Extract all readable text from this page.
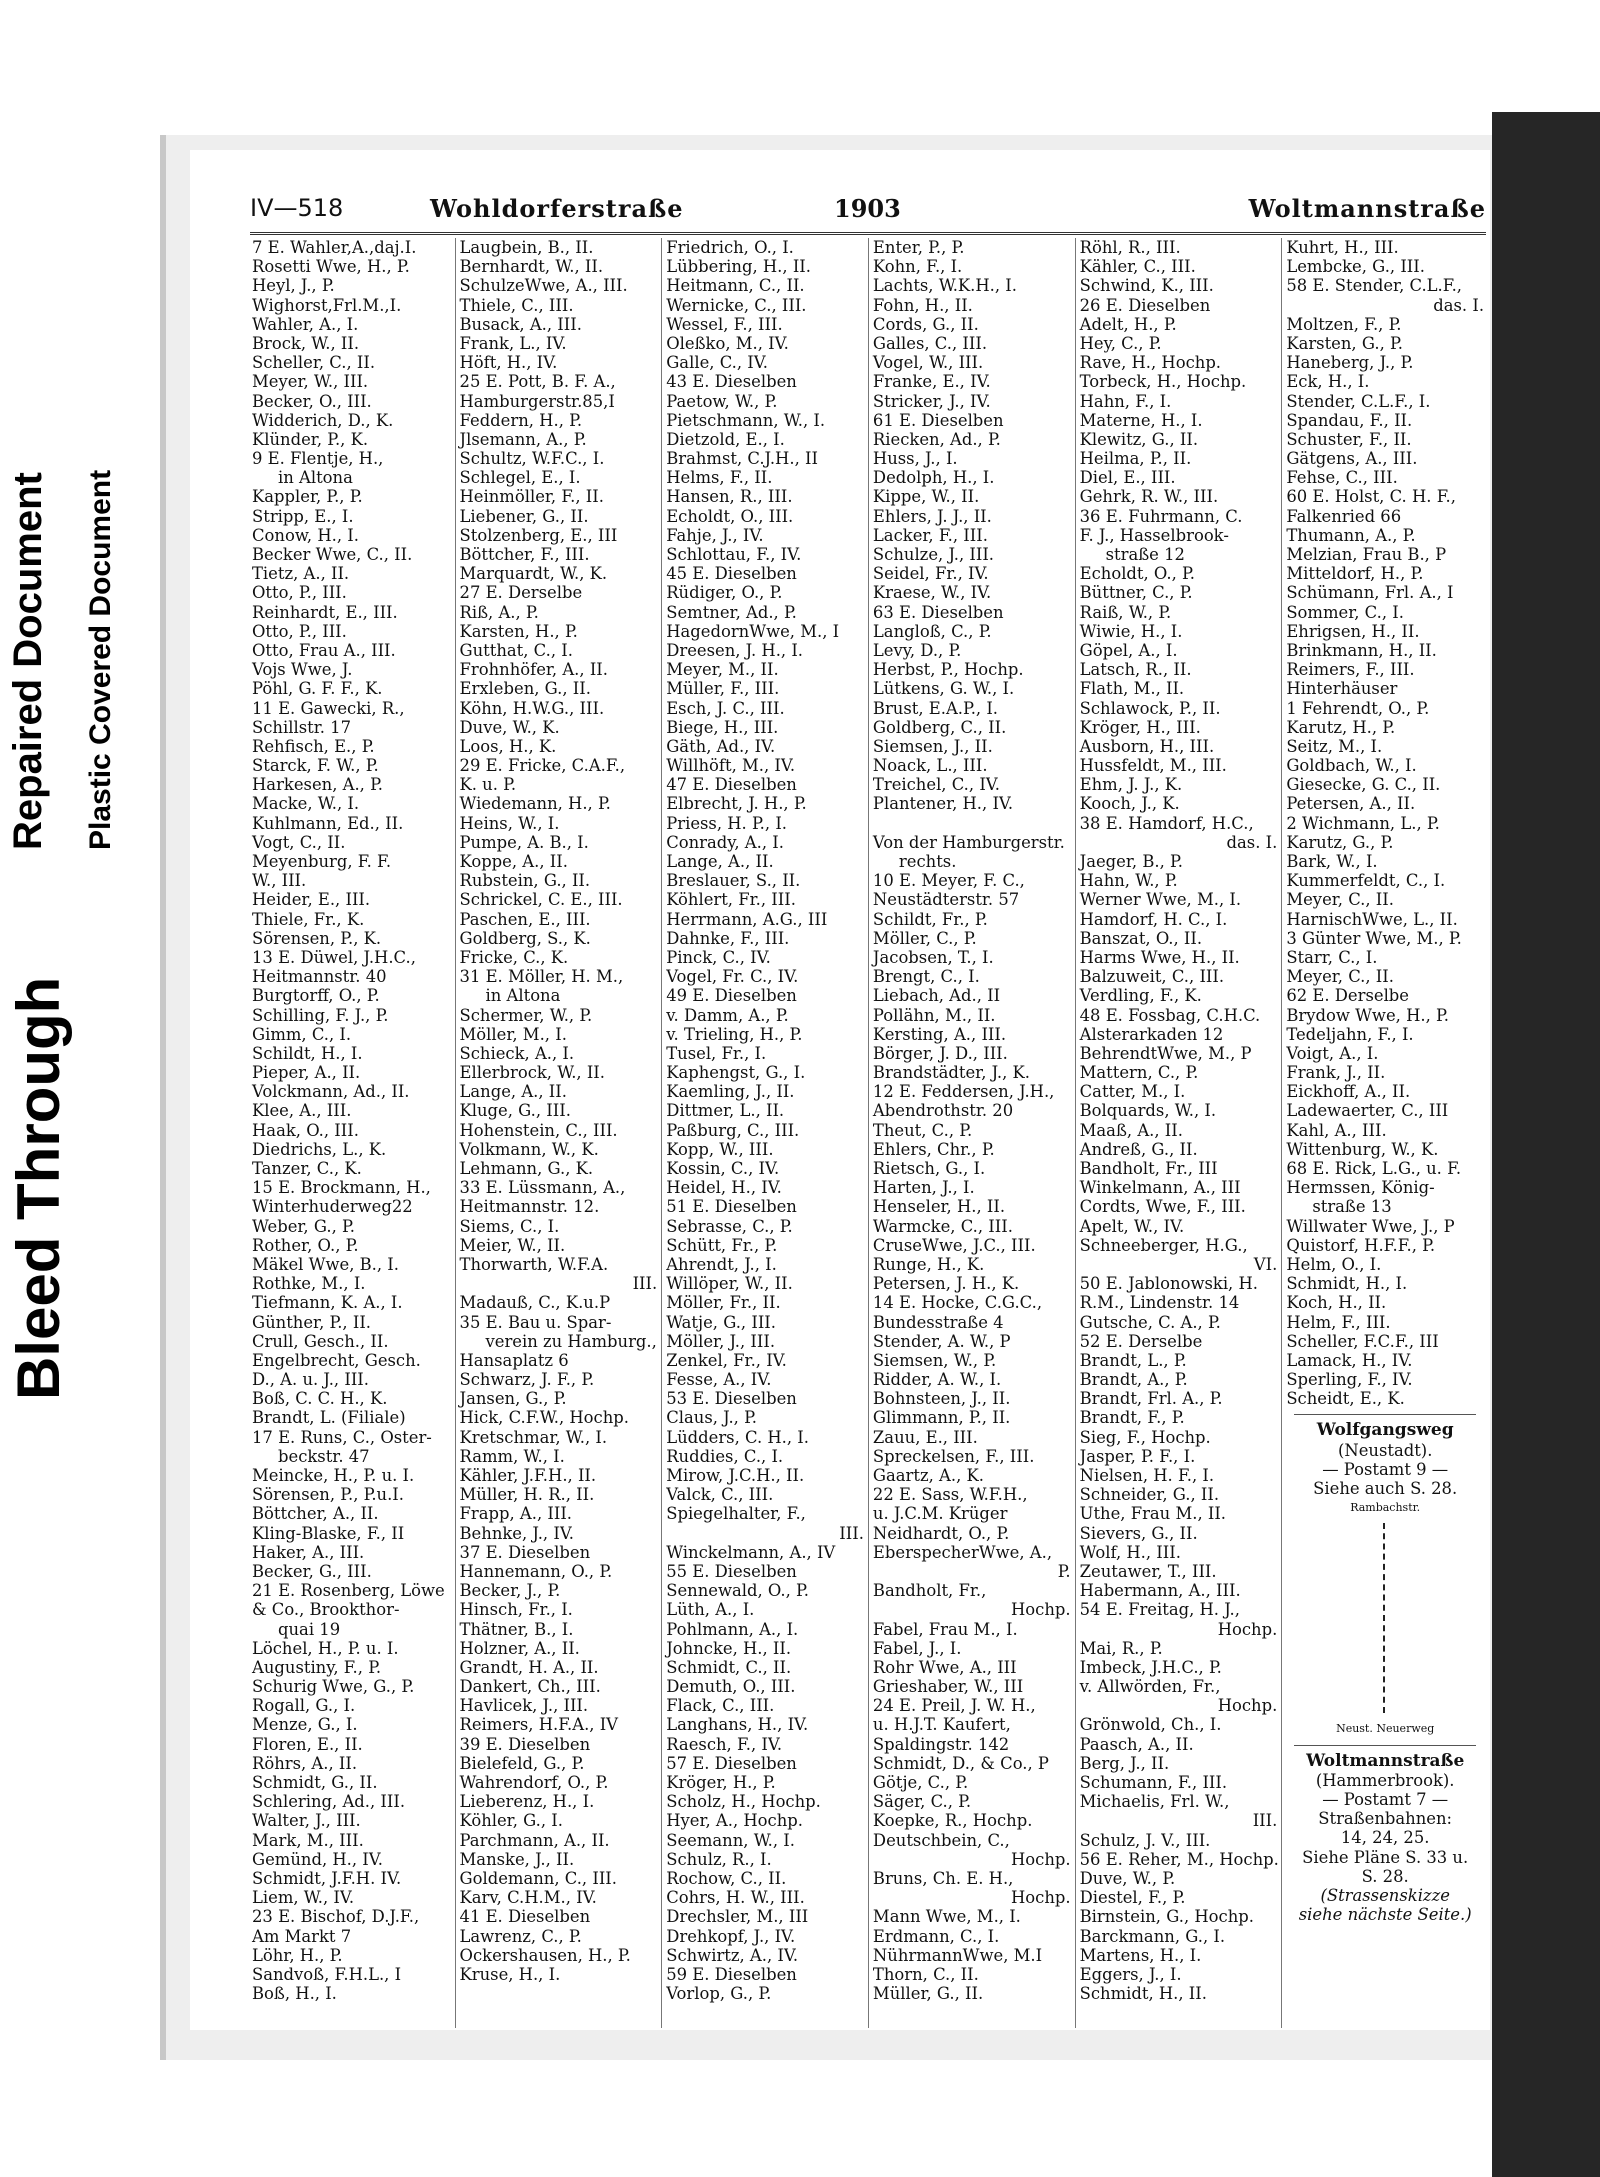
Bleed Through
Repaired Document Plastic Covered Document
IV—518	Wohldorferstraße	1903	Woltmannstraße
7 E. Wahler,A.,daj.I.
Rosetti Wwe, H., P.
Heyl, J., P.
Wighorst,Frl.M.,I.
Wahler, A., I.
Brock, W., II.
Scheller, C., II.
Meyer, W., III.
Becker, O., III.
Widderich, D., K.
Klünder, P., K.
9 E. Flentje, H.,
in Altona
Kappler, P., P.
Stripp, E., I.
Conow, H., I.
Becker Wwe, C., II.
Tietz, A., II.
Otto, P., III.
Reinhardt, E., III.
Otto, P., III.
Otto, Frau A., III.
Vojs Wwe, J.
Pöhl, G. F. F., K.
11 E. Gawecki, R.,
Schillstr. 17
Rehfisch, E., P.
Starck, F. W., P.
Harkesen, A., P.
Macke, W., I.
Kuhlmann, Ed., II.
Vogt, C., II.
Meyenburg, F. F.
W., III.
Heider, E., III.
Thiele, Fr., K.
Sörensen, P., K.
13 E. Düwel, J.H.C.,
Heitmannstr. 40
Burgtorff, O., P.
Schilling, F. J., P.
Gimm, C., I.
Schildt, H., I.
Pieper, A., II.
Volckmann, Ad., II.
Klee, A., III.
Haak, O., III.
Diedrichs, L., K.
Tanzer, C., K.
15 E. Brockmann, H.,
Winterhuderweg22
Weber, G., P.
Rother, O., P.
Mäkel Wwe, B., I.
Rothke, M., I.
Tiefmann, K. A., I.
Günther, P., II.
Crull, Gesch., II.
Engelbrecht, Gesch.
D., A. u. J., III.
Boß, C. C. H., K.
Brandt, L. (Filiale)
17 E. Runs, C., Oster-
beckstr. 47
Meincke, H., P. u. I.
Sörensen, P., P.u.I.
Böttcher, A., II.
Kling-Blaske, F., II
Haker, A., III.
Becker, G., III.
21 E. Rosenberg, Löwe
& Co., Brookthor-
quai 19
Löchel, H., P. u. I.
Augustiny, F., P.
Schurig Wwe, G., P.
Rogall, G., I.
Menze, G., I.
Floren, E., II.
Röhrs, A., II.
Schmidt, G., II.
Schlering, Ad., III.
Walter, J., III.
Mark, M., III.
Gemünd, H., IV.
Schmidt, J.F.H. IV.
Liem, W., IV.
23 E. Bischof, D.J.F.,
Am Markt 7
Löhr, H., P.
Sandvoß, F.H.L., I
Boß, H., I.
Laugbein, B., II.
Bernhardt, W., II.
SchulzeWwe, A., III.
Thiele, C., III.
Busack, A., III.
Frank, L., IV.
Höft, H., IV.
25 E. Pott, B. F. A.,
Hamburgerstr.85,I
Feddern, H., P.
Jlsemann, A., P.
Schultz, W.F.C., I.
Schlegel, E., I.
Heinmöller, F., II.
Liebener, G., II.
Stolzenberg, E., III
Böttcher, F., III.
Marquardt, W., K.
27 E. Derselbe
Riß, A., P.
Karsten, H., P.
Gutthat, C., I.
Frohnhöfer, A., II.
Erxleben, G., II.
Köhn, H.W.G., III.
Duve, W., K.
Loos, H., K.
29 E. Fricke, C.A.F.,
K. u. P.
Wiedemann, H., P.
Heins, W., I.
Pumpe, A. B., I.
Koppe, A., II.
Rubstein, G., II.
Schrickel, C. E., III.
Paschen, E., III.
Goldberg, S., K.
Fricke, C., K.
31 E. Möller, H. M.,
in Altona
Schermer, W., P.
Möller, M., I.
Schieck, A., I.
Ellerbrock, W., II.
Lange, A., II.
Kluge, G., III.
Hohenstein, C., III.
Volkmann, W., K.
Lehmann, G., K.
33 E. Lüssmann, A.,
Heitmannstr. 12.
Siems, C., I.
Meier, W., II.
Thorwarth, W.F.A.
III.
Madauß, C., K.u.P
35 E. Bau u. Spar-
verein zu Hamburg.,
Hansaplatz 6
Schwarz, J. F., P.
Jansen, G., P.
Hick, C.F.W., Hochp.
Kretschmar, W., I.
Ramm, W., I.
Kähler, J.F.H., II.
Müller, H. R., II.
Frapp, A., III.
Behnke, J., IV.
37 E. Dieselben
Hannemann, O., P.
Becker, J., P.
Hinsch, Fr., I.
Thätner, B., I.
Holzner, A., II.
Grandt, H. A., II.
Dankert, Ch., III.
Havlicek, J., III.
Reimers, H.F.A., IV
39 E. Dieselben
Bielefeld, G., P.
Wahrendorf, O., P.
Lieberenz, H., I.
Köhler, G., I.
Parchmann, A., II.
Manske, J., II.
Goldemann, C., III.
Karv, C.H.M., IV.
41 E. Dieselben
Lawrenz, C., P.
Ockershausen, H., P.
Kruse, H., I.
Friedrich, O., I.
Lübbering, H., II.
Heitmann, C., II.
Wernicke, C., III.
Wessel, F., III.
Oleßko, M., IV.
Galle, C., IV.
43 E. Dieselben
Paetow, W., P.
Pietschmann, W., I.
Dietzold, E., I.
Brahmst, C.J.H., II
Helms, F., II.
Hansen, R., III.
Echoldt, O., III.
Fahje, J., IV.
Schlottau, F., IV.
45 E. Dieselben
Rüdiger, O., P.
Semtner, Ad., P.
HagedornWwe, M., I
Dreesen, J. H., I.
Meyer, M., II.
Müller, F., III.
Esch, J. C., III.
Biege, H., III.
Gäth, Ad., IV.
Willhöft, M., IV.
47 E. Dieselben
Elbrecht, J. H., P.
Priess, H. P., I.
Conrady, A., I.
Lange, A., II.
Breslauer, S., II.
Köhlert, Fr., III.
Herrmann, A.G., III
Dahnke, F., III.
Pinck, C., IV.
Vogel, Fr. C., IV.
49 E. Dieselben
v. Damm, A., P.
v. Trieling, H., P.
Tusel, Fr., I.
Kaphengst, G., I.
Kaemling, J., II.
Dittmer, L., II.
Paßburg, C., III.
Kopp, W., III.
Kossin, C., IV.
Heidel, H., IV.
51 E. Dieselben
Sebrasse, C., P.
Schütt, Fr., P.
Ahrendt, J., I.
Willöper, W., II.
Möller, Fr., II.
Watje, G., III.
Möller, J., III.
Zenkel, Fr., IV.
Fesse, A., IV.
53 E. Dieselben
Claus, J., P.
Lüdders, C. H., I.
Ruddies, C., I.
Mirow, J.C.H., II.
Valck, C., III.
Spiegelhalter, F.,
III.
Winckelmann, A., IV
55 E. Dieselben
Sennewald, O., P.
Lüth, A., I.
Pohlmann, A., I.
Johncke, H., II.
Schmidt, C., II.
Demuth, O., III.
Flack, C., III.
Langhans, H., IV.
Raesch, F., IV.
57 E. Dieselben
Kröger, H., P.
Scholz, H., Hochp.
Hyer, A., Hochp.
Seemann, W., I.
Schulz, R., I.
Rochow, C., II.
Cohrs, H. W., III.
Drechsler, M., III
Drehkopf, J., IV.
Schwirtz, A., IV.
59 E. Dieselben
Vorlop, G., P.
Enter, P., P.
Kohn, F., I.
Lachts, W.K.H., I.
Fohn, H., II.
Cords, G., II.
Galles, C., III.
Vogel, W., III.
Franke, E., IV.
Stricker, J., IV.
61 E. Dieselben
Riecken, Ad., P.
Huss, J., I.
Dedolph, H., I.
Kippe, W., II.
Ehlers, J. J., II.
Lacker, F., III.
Schulze, J., III.
Seidel, Fr., IV.
Kraese, W., IV.
63 E. Dieselben
Langloß, C., P.
Levy, D., P.
Herbst, P., Hochp.
Lütkens, G. W., I.
Brust, E.A.P., I.
Goldberg, C., II.
Siemsen, J., II.
Noack, L., III.
Treichel, C., IV.
Plantener, H., IV.
Von der Hamburgerstr.
rechts.
10 E. Meyer, F. C.,
Neustädterstr. 57
Schildt, Fr., P.
Möller, C., P.
Jacobsen, T., I.
Brengt, C., I.
Liebach, Ad., II
Pollähn, M., II.
Kersting, A., III.
Börger, J. D., III.
Brandstädter, J., K.
12 E. Feddersen, J.H.,
Abendrothstr. 20
Theut, C., P.
Ehlers, Chr., P.
Rietsch, G., I.
Harten, J., I.
Henseler, H., II.
Warmcke, C., III.
CruseWwe, J.C., III.
Runge, H., K.
Petersen, J. H., K.
14 E. Hocke, C.G.C.,
Bundesstraße 4
Stender, A. W., P
Siemsen, W., P.
Ridder, A. W., I.
Bohnsteen, J., II.
Glimmann, P., II.
Zauu, E., III.
Spreckelsen, F., III.
Gaartz, A., K.
22 E. Sass, W.F.H.,
u. J.C.M. Krüger
Neidhardt, O., P.
EberspecherWwe, A.,
P.
Bandholt, Fr.,
Hochp.
Fabel, Frau M., I.
Fabel, J., I.
Rohr Wwe, A., III
Grieshaber, W., III
24 E. Preil, J. W. H.,
u. H.J.T. Kaufert,
Spaldingstr. 142
Schmidt, D., & Co., P
Götje, C., P.
Säger, C., P.
Koepke, R., Hochp.
Deutschbein, C.,
Hochp.
Bruns, Ch. E. H.,
Hochp.
Mann Wwe, M., I.
Erdmann, C., I.
NührmannWwe, M.I
Thorn, C., II.
Müller, G., II.
Röhl, R., III.
Kähler, C., III.
Schwind, K., III.
26 E. Dieselben
Adelt, H., P.
Hey, C., P.
Rave, H., Hochp.
Torbeck, H., Hochp.
Hahn, F., I.
Materne, H., I.
Klewitz, G., II.
Heilma, P., II.
Diel, E., III.
Gehrk, R. W., III.
36 E. Fuhrmann, C.
F. J., Hasselbrook-
straße 12
Echoldt, O., P.
Büttner, C., P.
Raiß, W., P.
Wiwie, H., I.
Göpel, A., I.
Latsch, R., II.
Flath, M., II.
Schlawock, P., II.
Kröger, H., III.
Ausborn, H., III.
Hussfeldt, M., III.
Ehm, J. J., K.
Kooch, J., K.
38 E. Hamdorf, H.C.,
das. I.
Jaeger, B., P.
Hahn, W., P.
Werner Wwe, M., I.
Hamdorf, H. C., I.
Banszat, O., II.
Harms Wwe, H., II.
Balzuweit, C., III.
Verdling, F., K.
48 E. Fossbag, C.H.C.
Alsterarkaden 12
BehrendtWwe, M., P
Mattern, C., P.
Catter, M., I.
Bolquards, W., I.
Maaß, A., II.
Andreß, G., II.
Bandholt, Fr., III
Winkelmann, A., III
Cordts, Wwe, F., III.
Apelt, W., IV.
Schneeberger, H.G.,
VI.
50 E. Jablonowski, H.
R.M., Lindenstr. 14
Gutsche, C. A., P.
52 E. Derselbe
Brandt, L., P.
Brandt, A., P.
Brandt, Frl. A., P.
Brandt, F., P.
Sieg, F., Hochp.
Jasper, P. F., I.
Nielsen, H. F., I.
Schneider, G., II.
Uthe, Frau M., II.
Sievers, G., II.
Wolf, H., III.
Zeutawer, T., III.
Habermann, A., III.
54 E. Freitag, H. J.,
Hochp.
Mai, R., P.
Imbeck, J.H.C., P.
v. Allwörden, Fr.,
Hochp.
Grönwold, Ch., I.
Paasch, A., II.
Berg, J., II.
Schumann, F., III.
Michaelis, Frl. W.,
III.
Schulz, J. V., III.
56 E. Reher, M., Hochp.
Duve, W., P.
Diestel, F., P.
Birnstein, G., Hochp.
Barckmann, G., I.
Martens, H., I.
Eggers, J., I.
Schmidt, H., II.
Kuhrt, H., III.
Lembcke, G., III.
58 E. Stender, C.L.F.,
das. I.
Moltzen, F., P.
Karsten, G., P.
Haneberg, J., P.
Eck, H., I.
Stender, C.L.F., I.
Spandau, F., II.
Schuster, F., II.
Gätgens, A., III.
Fehse, C., III.
60 E. Holst, C. H. F.,
Falkenried 66
Thumann, A., P.
Melzian, Frau B., P
Mitteldorf, H., P.
Schümann, Frl. A., I
Sommer, C., I.
Ehrigsen, H., II.
Brinkmann, H., II.
Reimers, F., III.
Hinterhäuser
1 Fehrendt, O., P.
Karutz, H., P.
Seitz, M., I.
Goldbach, W., I.
Giesecke, G. C., II.
Petersen, A., II.
2 Wichmann, L., P.
Karutz, G., P.
Bark, W., I.
Kummerfeldt, C., I.
Meyer, C., II.
HarnischWwe, L., II.
3 Günter Wwe, M., P.
Starr, C., I.
Meyer, C., II.
62 E. Derselbe
Brydow Wwe, H., P.
Tedeljahn, F., I.
Voigt, A., I.
Frank, J., II.
Eickhoff, A., II.
Ladewaerter, C., III
Kahl, A., III.
Wittenburg, W., K.
68 E. Rick, L.G., u. F.
Hermssen, König-
straße 13
Willwater Wwe, J., P
Quistorf, H.F.F., P.
Helm, O., I.
Schmidt, H., I.
Koch, H., II.
Helm, F., III.
Scheller, F.C.F., III
Lamack, H., IV.
Sperling, F., IV.
Scheidt, E., K.
Wolfgangsweg
(Neustadt).
— Postamt 9 —
Siehe auch S. 28.
Rambachstr.
Neust. Neuerweg
Woltmannstraße
(Hammerbrook).
— Postamt 7 —
Straßenbahnen:
14, 24, 25.
Siehe Pläne S. 33 u.
S. 28.
(Strassenskizze
siehe nächste Seite.)
